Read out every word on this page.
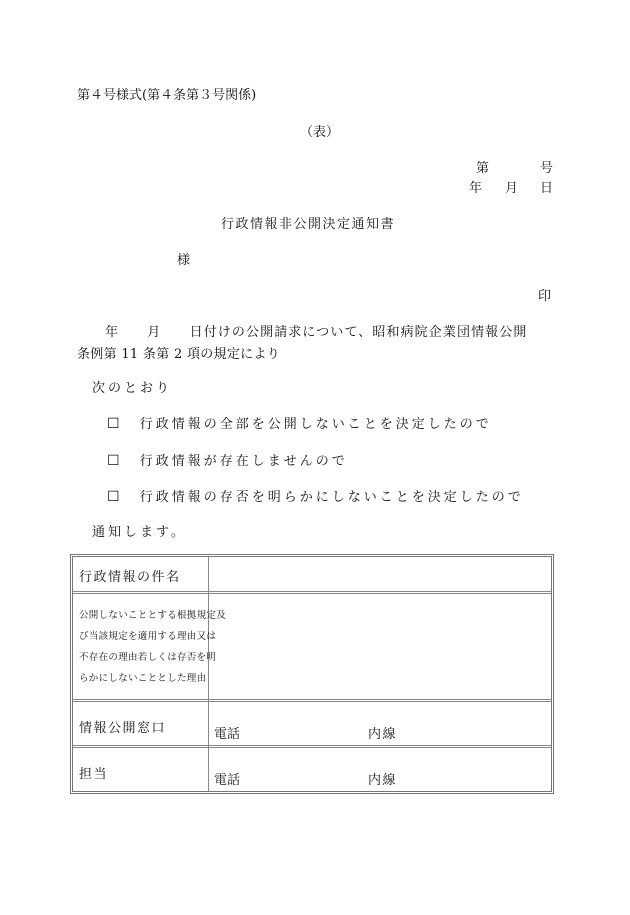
第４号様式(第４条第３号関係)
（表）
第	号
年 月 日
行政情報非公開決定通知書
様
印
年　　月　　日付けの公開請求について、昭和病院企業団情報公開
条例第 11 条第 2 項の規定により
次のとおり
☐ 行政情報の全部を公開しないことを決定したので
☐ 行政情報が存在しませんので
☐ 行政情報の存否を明らかにしないことを決定したので
通知します。
行政情報の件名
公開しないこととする根拠規定及
び当該規定を適用する理由又は
不存在の理由若しくは存否を明
らかにしないこととした理由
情報公開窓口	電話	内線
担当	電話	内線
